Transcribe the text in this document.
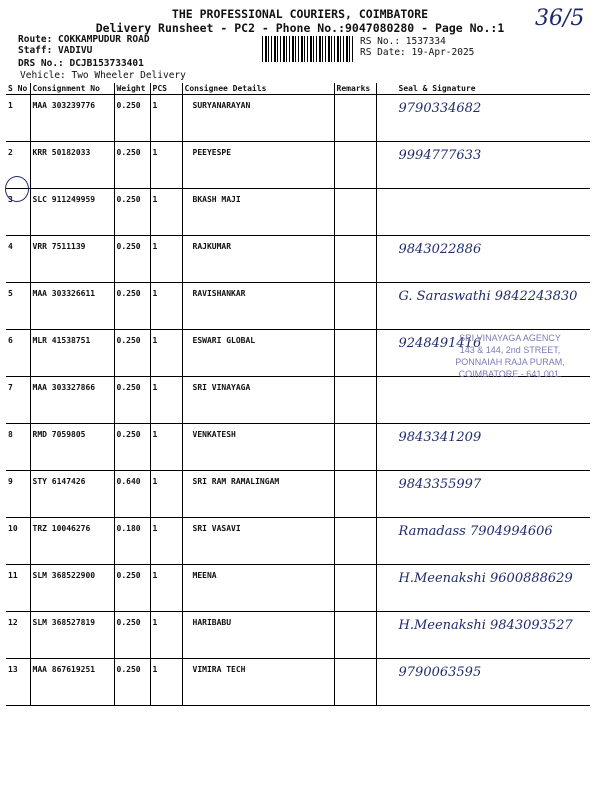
THE PROFESSIONAL COURIERS, COIMBATORE
Delivery Runsheet - PC2 - Phone No.:9047080280 - Page No.:1
Route: COKKAMPUDUR ROAD
Staff: VADIVU
DRS No.: DCJB153733401
Vehicle: Two Wheeler Delivery
RS No.: 1537334
RS Date: 19-Apr-2025
36/5
S No	Consignment No	Weight	PCS	Consignee Details	Remarks	Seal & Signature
1	MAA 303239776	0.250	1	SURYANARAYAN		9790334682
2	KRR 50182033	0.250	1	PEEYESPE		9994777633
3	SLC 911249959	0.250	1	BKASH MAJI		
4	VRR 7511139	0.250	1	RAJKUMAR		9843022886
5	MAA 303326611	0.250	1	RAVISHANKAR		G. Saraswathi 9842243830
6	MLR 41538751	0.250	1	ESWARI GLOBAL		9248491416
7	MAA 303327866	0.250	1	SRI VINAYAGA		
8	RMD 7059805	0.250	1	VENKATESH		9843341209
9	STY 6147426	0.640	1	SRI RAM RAMALINGAM		9843355997
10	TRZ 10046276	0.180	1	SRI VASAVI		Ramadass 7904994606
11	SLM 368522900	0.250	1	MEENA		H.Meenakshi 9600888629
12	SLM 368527819	0.250	1	HARIBABU		H.Meenakshi 9843093527
13	MAA 867619251	0.250	1	VIMIRA TECH		9790063595
SRI VINAYAGA AGENCY
143 & 144, 2nd STREET,
PONNAIAH RAJA PURAM,
COIMBATORE - 641 001.
